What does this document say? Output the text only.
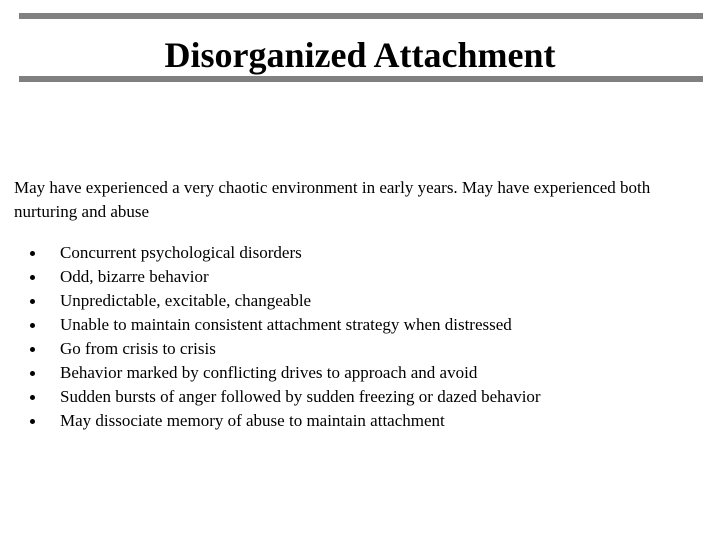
Disorganized Attachment

May have experienced a very chaotic environment in early years. May have experienced both nurturing and abuse

Concurrent psychological disorders
Odd, bizarre behavior
Unpredictable, excitable, changeable
Unable to maintain consistent attachment strategy when distressed
Go from crisis to crisis
Behavior marked by conflicting drives to approach and avoid
Sudden bursts of anger followed by sudden freezing or dazed behavior
May dissociate memory of abuse to maintain attachment
